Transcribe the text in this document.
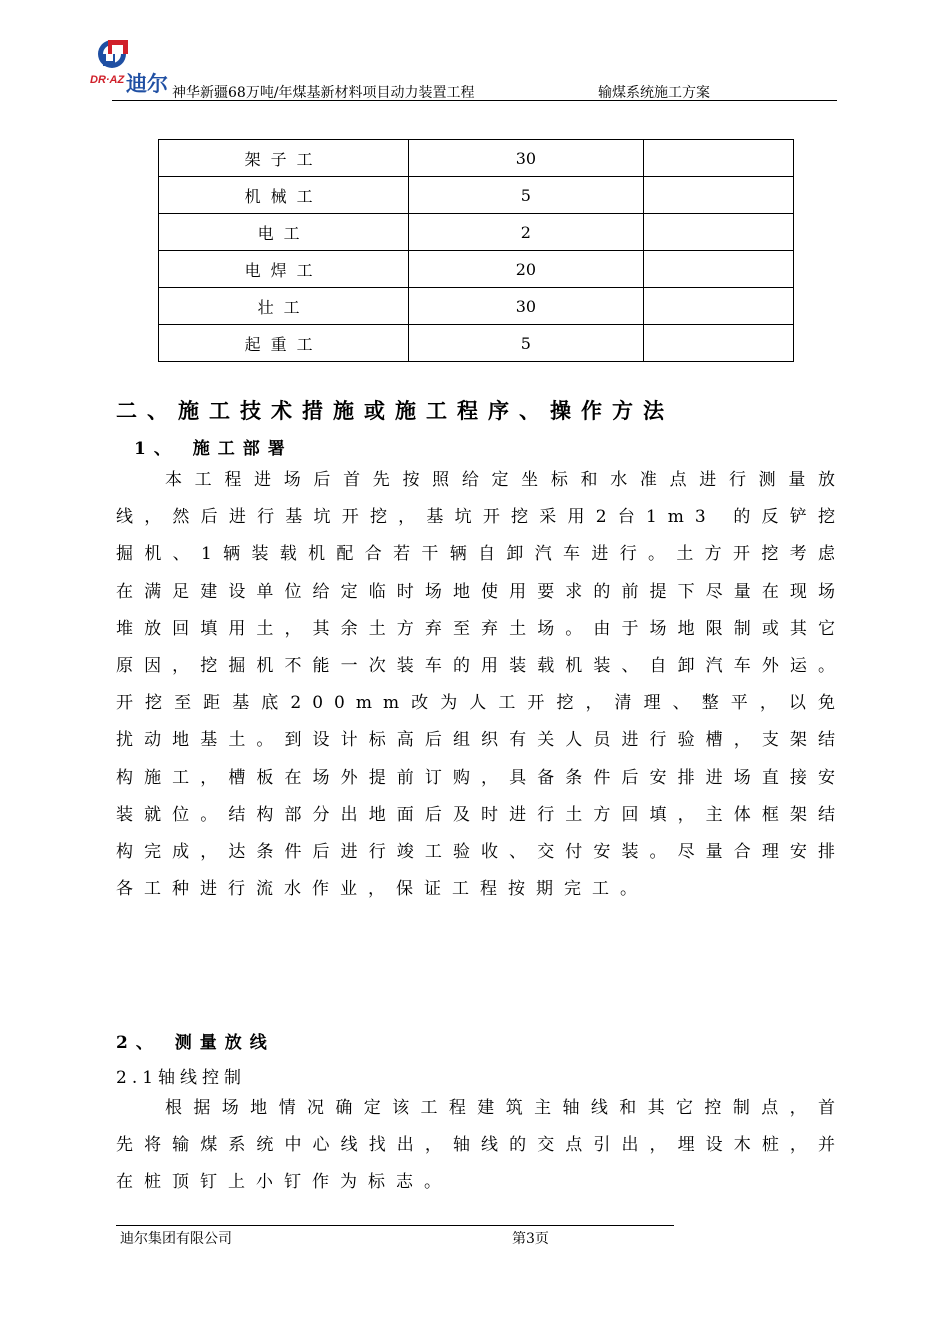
DR·AZ 迪尔 神华新疆68万吨/年煤基新材料项目动力装置工程	输煤系统施工方案
架子工	30	
机械工	5	
电工	2	
电焊工	20	
壮工	30	
起重工	5	
二、施工技术措施或施工程序、操作方法
1、 施工部署
本工程进场后首先按照给定坐标和水准点进行测量放线，然后进行基坑开挖，基坑开挖采用2台1m3 的反铲挖掘机、1辆装载机配合若干辆自卸汽车进行。土方开挖考虑在满足建设单位给定临时场地使用要求的前提下尽量在现场堆放回填用土，其余土方弃至弃土场。由于场地限制或其它原因，挖掘机不能一次装车的用装载机装、自卸汽车外运。开挖至距基底200mm改为人工开挖，清理、整平，以免扰动地基土。到设计标高后组织有关人员进行验槽，支架结构施工，槽板在场外提前订购，具备条件后安排进场直接安装就位。结构部分出地面后及时进行土方回填，主体框架结构完成，达条件后进行竣工验收、交付安装。尽量合理安排各工种进行流水作业，保证工程按期完工。
2、 测量放线
2.1轴线控制
根据场地情况确定该工程建筑主轴线和其它控制点，首先将输煤系统中心线找出，轴线的交点引出，埋设木桩，并在桩顶钉上小钉作为标志。
迪尔集团有限公司	第3页
